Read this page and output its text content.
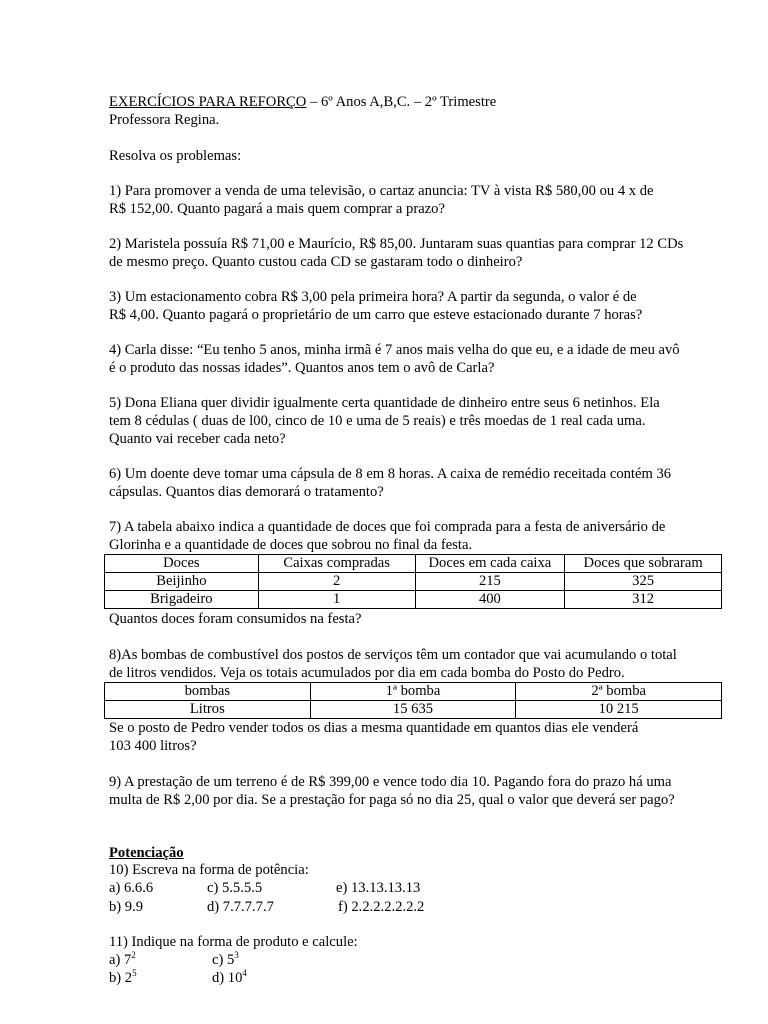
EXERCÍCIOS PARA REFORÇO – 6º Anos A,B,C. – 2º Trimestre

Professora Regina.

Resolva os problemas:

1) Para promover a venda de uma televisão, o cartaz anuncia: TV à vista R$ 580,00 ou 4 x de

R$ 152,00. Quanto pagará a mais quem comprar a prazo?

2) Maristela possuía R$ 71,00 e Maurício, R$ 85,00. Juntaram suas quantias para comprar 12 CDs

de mesmo preço. Quanto custou cada CD se gastaram todo o dinheiro?

3) Um estacionamento cobra R$ 3,00 pela primeira hora? A partir da segunda, o valor é de

R$ 4,00. Quanto pagará o proprietário de um carro que esteve estacionado durante 7 horas?

4) Carla disse: “Eu tenho 5 anos, minha irmã é 7 anos mais velha do que eu, e a idade de meu avô

é o produto das nossas idades”. Quantos anos tem o avô de Carla?

5) Dona Eliana quer dividir igualmente certa quantidade de dinheiro entre seus 6 netinhos. Ela

tem 8 cédulas ( duas de l00, cinco de 10 e uma de 5 reais) e três moedas de 1 real cada uma.

Quanto vai receber cada neto?

6) Um doente deve tomar uma cápsula de 8 em 8 horas. A caixa de remédio receitada contém 36

cápsulas. Quantos dias demorará o tratamento?

7) A tabela abaixo indica a quantidade de doces que foi comprada para a festa de aniversário de

Glorinha e a quantidade de doces que sobrou no final da festa.

Doces	Caixas compradas	Doces em cada caixa	Doces que sobraram
Beijinho	2	215	325
Brigadeiro	1	400	312

Quantos doces foram consumidos na festa?

8)As bombas de combustível dos postos de serviços têm um contador que vai acumulando o total

de litros vendidos. Veja os totais acumulados por dia em cada bomba do Posto do Pedro.

bombas	1ª bomba	2ª bomba
Litros	15 635	10 215

Se o posto de Pedro vender todos os dias a mesma quantidade em quantos dias ele venderá

103 400 litros?

9) A prestação de um terreno é de R$ 399,00 e vence todo dia 10. Pagando fora do prazo há uma

multa de R$ 2,00 por dia. Se a prestação for paga só no dia 25, qual o valor que deverá ser pago?

Potenciação

10) Escreva na forma de potência:

a) 6.6.6	c) 5.5.5.5	e) 13.13.13.13
b) 9.9	d) 7.7.7.7.7	f) 2.2.2.2.2.2.2

11) Indique na forma de produto e calcule:

a) $7^2$	c) $5^3$
b) $2^5$	d) $10^4$
